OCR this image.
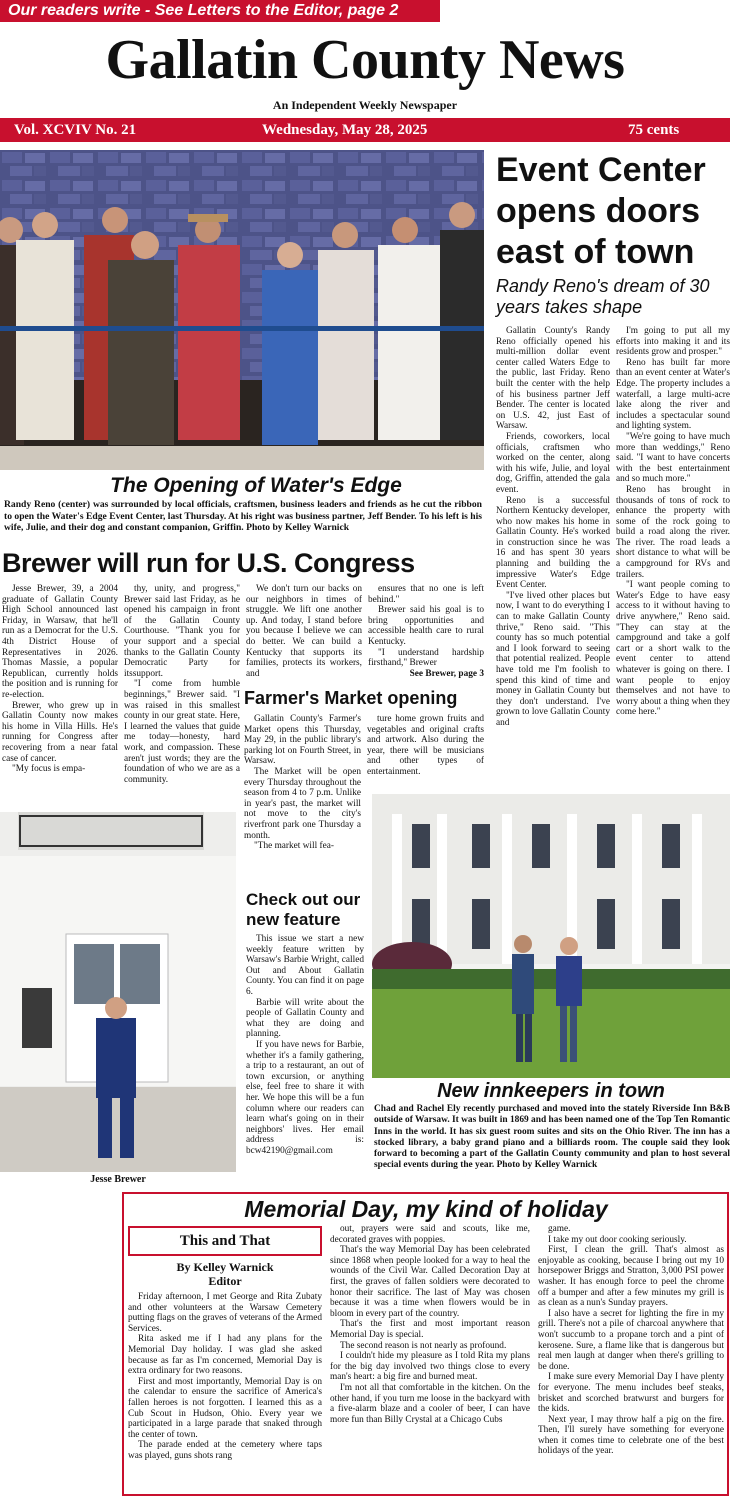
Our readers write - See Letters to the Editor, page 2
Gallatin County News
An Independent Weekly Newspaper
Vol. XCVIV No. 21	Wednesday, May 28, 2025	75 cents
The Opening of Water's Edge
Randy Reno (center) was surrounded by local officials, craftsmen, business leaders and friends as he cut the ribbon to open the Water's Edge Event Center, last Thursday. At his right was business partner, Jeff Bender. To his left is his wife, Julie, and their dog and constant companion, Griffin. Photo by Kelley Warnick
Event Center opens doors east of town
Randy Reno's dream of 30 years takes shape

Gallatin County's Randy Reno officially opened his multi-million dollar event center called Waters Edge to the public, last Friday. Reno built the center with the help of his business partner Jeff Bender. The center is located on U.S. 42, just East of Warsaw.

Friends, coworkers, local officials, craftsmen who worked on the center, along with his wife, Julie, and loyal dog, Griffin, attended the gala event.

Reno is a successful Northern Kentucky developer, who now makes his home in Gallatin County. He's worked in construction since he was 16 and has spent 30 years planning and building the impressive Water's Edge Event Center.

"I've lived other places but now, I want to do everything I can to make Gallatin County thrive," Reno said. "This county has so much potential and I look forward to seeing that potential realized. People have told me I'm foolish to spend this kind of time and money in Gallatin County but they don't understand. I've grown to love Gallatin County and

I'm going to put all my efforts into making it and its residents grow and prosper."

Reno has built far more than an event center at Water's Edge. The property includes a waterfall, a large multi-acre lake along the river and includes a spectacular sound and lighting system.

"We're going to have much more than weddings," Reno said. "I want to have concerts with the best entertainment and so much more."

Reno has brought in thousands of tons of rock to enhance the property with some of the rock going to build a road along the river. The river. The road leads a short distance to what will be a campground for RVs and trailers.

"I want people coming to Water's Edge to have easy access to it without having to drive anywhere," Reno said. "They can stay at the campground and take a golf cart or a short walk to the event center to attend whatever is going on there. I want people to enjoy themselves and not have to worry about a thing when they come here."

Brewer will run for U.S. Congress

Jesse Brewer, 39, a 2004 graduate of Gallatin County High School announced last Friday, in Warsaw, that he'll run as a Democrat for the U.S. 4th District House of Representatives in 2026. Thomas Massie, a popular Republican, currently holds the position and is running for re-election.

Brewer, who grew up in Gallatin County now makes his home in Villa Hills. He's running for Congress after recovering from a near fatal case of cancer.

"My focus is empa-

thy, unity, and progress," Brewer said last Friday, as he opened his campaign in front of the Gallatin County Courthouse. "Thank you for your support and a special thanks to the Gallatin County Democratic Party for itssupport.

"I come from humble beginnings," Brewer said. "I was raised in this smallest county in our great state. Here, I learned the values that guide me today—honesty, hard work, and compassion. These aren't just words; they are the foundation of who we are as a community.

We don't turn our backs on our neighbors in times of struggle. We lift one another up. And today, I stand before you because I believe we can do better. We can build a Kentucky that supports its families, protects its workers, and

ensures that no one is left behind."

Brewer said his goal is to bring opportunities and accessible health care to rural Kentucky.

"I understand hardship firsthand," Brewer

See Brewer, page 3

Farmer's Market opening

Gallatin County's Farmer's Market opens this Thursday, May 29, in the public library's parking lot on Fourth Street, in Warsaw.

The Market will be open every Thursday throughout the season from 4 to 7 p.m. Unlike in year's past, the market will not move to the city's riverfront park one Thursday a month.

"The market will fea-

ture home grown fruits and vegetables and original crafts and artwork. Also during the year, there will be musicians and other types of entertainment.

Jesse Brewer
Check out our new feature

This issue we start a new weekly feature written by Warsaw's Barbie Wright, called Out and About Gallatin County. You can find it on page 6.

Barbie will write about the people of Gallatin County and what they are doing and planning.

If you have news for Barbie, whether it's a family gathering, a trip to a restaurant, an out of town excursion, or anything else, feel free to share it with her. We hope this will be a fun column where our readers can learn what's going on in their neighbors' lives. Her email address is: bcw42190@gmail.com

New innkeepers in town
Chad and Rachel Ely recently purchased and moved into the stately Riverside Inn B&B outside of Warsaw. It was built in 1869 and has been named one of the Top Ten Romantic Inns in the world. It has six guest room suites and sits on the Ohio River. The inn has a stocked library, a baby grand piano and a billiards room. The couple said they look forward to becoming a part of the Gallatin County community and plan to host several special events during the year. Photo by Kelley Warnick
Memorial Day, my kind of holiday
This and That
By Kelley Warnick
Editor

Friday afternoon, I met George and Rita Zubaty and other volunteers at the Warsaw Cemetery putting flags on the graves of veterans of the Armed Services.

Rita asked me if I had any plans for the Memorial Day holiday. I was glad she asked because as far as I'm concerned, Memorial Day is extra ordinary for two reasons.

First and most importantly, Memorial Day is on the calendar to ensure the sacrifice of America's fallen heroes is not forgotten. I learned this as a Cub Scout in Hudson, Ohio. Every year we participated in a large parade that snaked through the center of town.

The parade ended at the cemetery where taps was played, guns shots rang

out, prayers were said and scouts, like me, decorated graves with poppies.

That's the way Memorial Day has been celebrated since 1868 when people looked for a way to heal the wounds of the Civil War. Called Decoration Day at first, the graves of fallen soldiers were decorated to honor their sacrifice. The last of May was chosen because it was a time when flowers would be in bloom in every part of the country.

That's the first and most important reason Memorial Day is special.

The second reason is not nearly as profound.

I couldn't hide my pleasure as I told Rita my plans for the big day involved two things close to every man's heart: a big fire and burned meat.

I'm not all that comfortable in the kitchen. On the other hand, if you turn me loose in the backyard with a five-alarm blaze and a cooler of beer, I can have more fun than Billy Crystal at a Chicago Cubs

game.

I take my out door cooking seriously.

First, I clean the grill. That's almost as enjoyable as cooking, because I bring out my 10 horsepower Briggs and Stratton, 3,000 PSI power washer. It has enough force to peel the chrome off a bumper and after a few minutes my grill is as clean as a nun's Sunday prayers.

I also have a secret for lighting the fire in my grill. There's not a pile of charcoal anywhere that won't succumb to a propane torch and a pint of kerosene. Sure, a flame like that is dangerous but real men laugh at danger when there's grilling to be done.

I make sure every Memorial Day I have plenty for everyone. The menu includes beef steaks, brisket and scorched bratwurst and burgers for the kids.

Next year, I may throw half a pig on the fire. Then, I'll surely have something for everyone when it comes time to celebrate one of the best holidays of the year.
